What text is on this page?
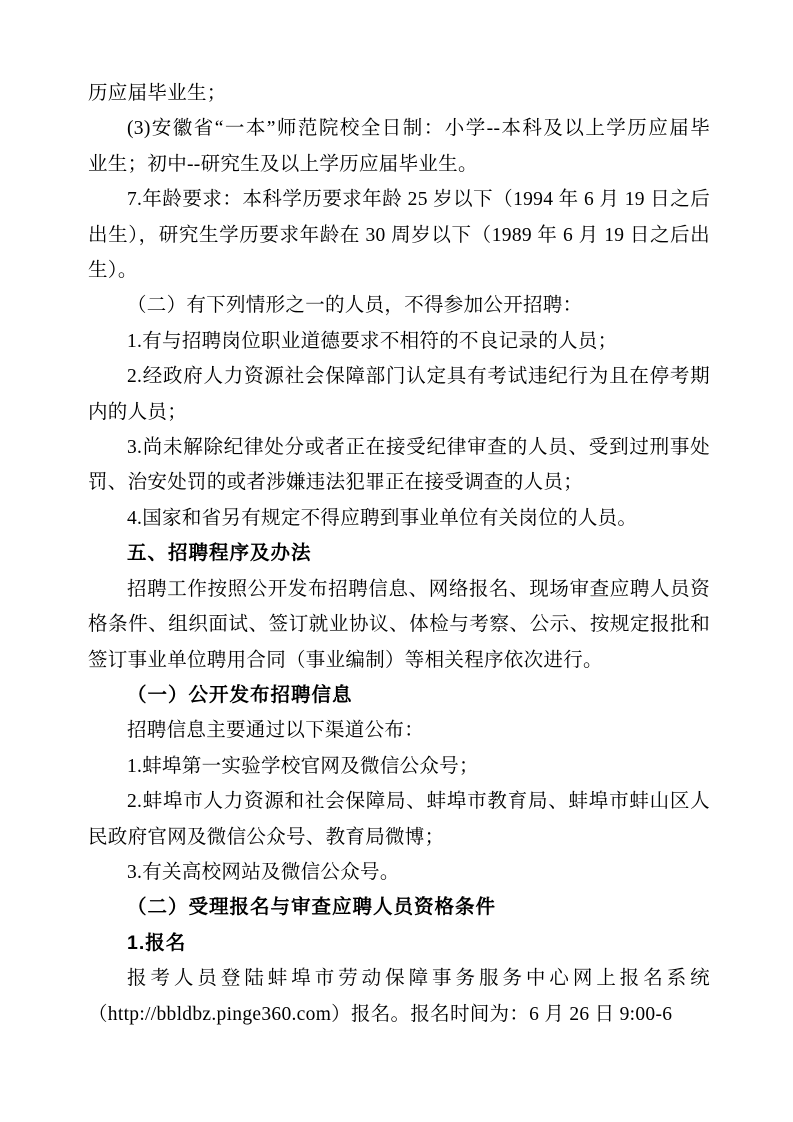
历应届毕业生；

(3)安徽省“一本”师范院校全日制：小学--本科及以上学历应届毕

业生；初中--研究生及以上学历应届毕业生。

7.年龄要求：本科学历要求年龄 25 岁以下（1994 年 6 月 19 日之后

出生），研究生学历要求年龄在 30 周岁以下（1989 年 6 月 19 日之后出

生）。

（二）有下列情形之一的人员，不得参加公开招聘：

1.有与招聘岗位职业道德要求不相符的不良记录的人员；

2.经政府人力资源社会保障部门认定具有考试违纪行为且在停考期

内的人员；

3.尚未解除纪律处分或者正在接受纪律审查的人员、受到过刑事处

罚、治安处罚的或者涉嫌违法犯罪正在接受调查的人员；

4.国家和省另有规定不得应聘到事业单位有关岗位的人员。

五、招聘程序及办法

招聘工作按照公开发布招聘信息、网络报名、现场审查应聘人员资

格条件、组织面试、签订就业协议、体检与考察、公示、按规定报批和

签订事业单位聘用合同（事业编制）等相关程序依次进行。

（一）公开发布招聘信息

招聘信息主要通过以下渠道公布：

1.蚌埠第一实验学校官网及微信公众号；

2.蚌埠市人力资源和社会保障局、蚌埠市教育局、蚌埠市蚌山区人

民政府官网及微信公众号、教育局微博；

3.有关高校网站及微信公众号。

（二）受理报名与审查应聘人员资格条件

1.报名

报考人员登陆蚌埠市劳动保障事务服务中心网上报名系统

（http://bbldbz.pinge360.com）报名。报名时间为：6 月 26 日 9:00-6
